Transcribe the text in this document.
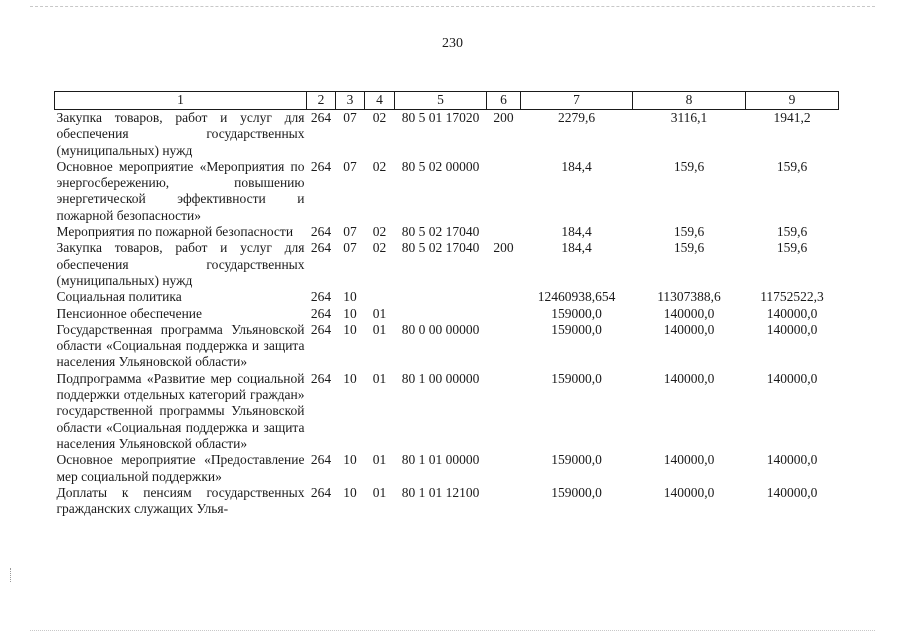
230
1	2	3	4	5	6	7	8	9
Закупка товаров, работ и услуг для обеспечения государственных (муниципальных) нужд	264	07	02	80 5 01 17020	200	2279,6	3116,1	1941,2
Основное мероприятие «Мероприятия по энергосбережению, повышению энергетической эффективности и пожарной безопасности»	264	07	02	80 5 02 00000		184,4	159,6	159,6
Мероприятия по пожарной безопасности	264	07	02	80 5 02 17040		184,4	159,6	159,6
Закупка товаров, работ и услуг для обеспечения государственных (муниципальных) нужд	264	07	02	80 5 02 17040	200	184,4	159,6	159,6
Социальная политика	264	10				12460938,654	11307388,6	11752522,3
Пенсионное обеспечение	264	10	01			159000,0	140000,0	140000,0
Государственная программа Ульяновской области «Социальная поддержка и защита населения Ульяновской области»	264	10	01	80 0 00 00000		159000,0	140000,0	140000,0
Подпрограмма «Развитие мер социальной поддержки отдельных категорий граждан» государственной программы Ульяновской области «Социальная поддержка и защита населения Ульяновской области»	264	10	01	80 1 00 00000		159000,0	140000,0	140000,0
Основное мероприятие «Предоставление мер социальной поддержки»	264	10	01	80 1 01 00000		159000,0	140000,0	140000,0
Доплаты к пенсиям государственных гражданских служащих Улья-	264	10	01	80 1 01 12100		159000,0	140000,0	140000,0
